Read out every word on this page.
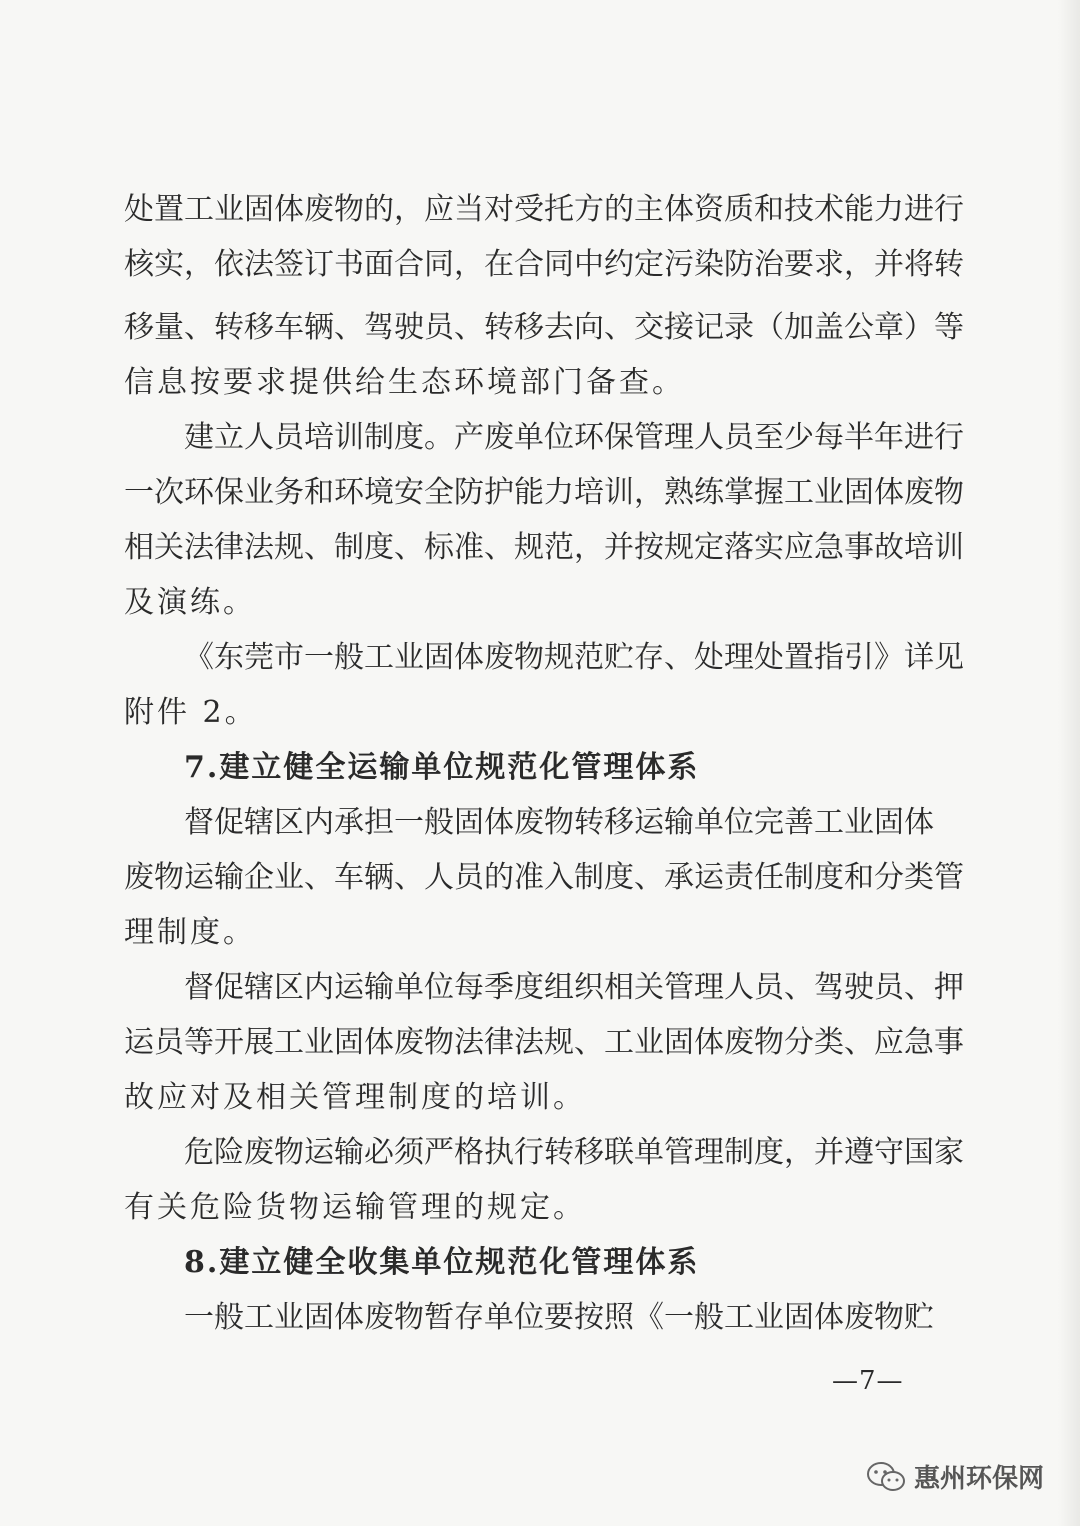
处置工业固体废物的，应当对受托方的主体资质和技术能力进行
核实，依法签订书面合同，在合同中约定污染防治要求，并将转
移量、转移车辆、驾驶员、转移去向、交接记录（加盖公章）等
信息按要求提供给生态环境部门备查。
建立人员培训制度。产废单位环保管理人员至少每半年进行
一次环保业务和环境安全防护能力培训，熟练掌握工业固体废物
相关法律法规、制度、标准、规范，并按规定落实应急事故培训
及演练。
《东莞市一般工业固体废物规范贮存、处理处置指引》详见
附件 2。
7.建立健全运输单位规范化管理体系
督促辖区内承担一般固体废物转移运输单位完善工业固体
废物运输企业、车辆、人员的准入制度、承运责任制度和分类管
理制度。
督促辖区内运输单位每季度组织相关管理人员、驾驶员、押
运员等开展工业固体废物法律法规、工业固体废物分类、应急事
故应对及相关管理制度的培训。
危险废物运输必须严格执行转移联单管理制度，并遵守国家
有关危险货物运输管理的规定。
8.建立健全收集单位规范化管理体系
一般工业固体废物暂存单位要按照《一般工业固体废物贮
—7—
惠州环保网
